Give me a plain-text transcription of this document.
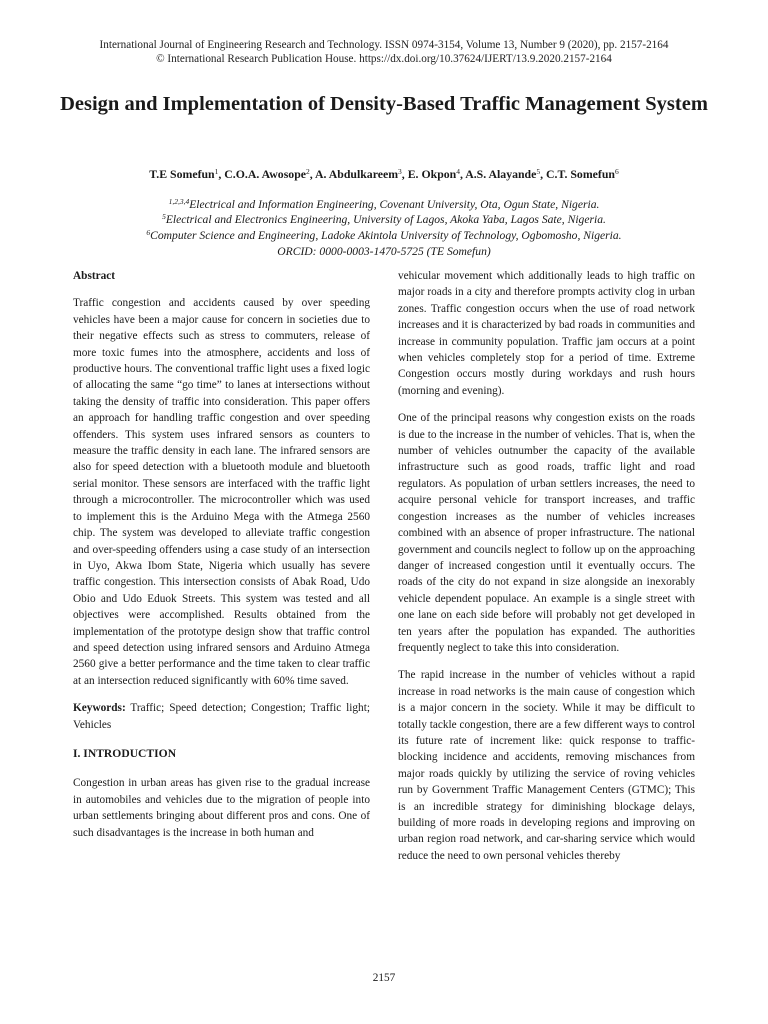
International Journal of Engineering Research and Technology. ISSN 0974-3154, Volume 13, Number 9 (2020), pp. 2157-2164
© International Research Publication House. https://dx.doi.org/10.37624/IJERT/13.9.2020.2157-2164
Design and Implementation of Density-Based Traffic Management System
T.E Somefun$^1$, C.O.A. Awosope$^2$, A. Abdulkareem$^3$, E. Okpon$^4$, A.S. Alayande$^5$, C.T. Somefun$^6$
$^{1,2,3,4}$Electrical and Information Engineering, Covenant University, Ota, Ogun State, Nigeria.
$^5$Electrical and Electronics Engineering, University of Lagos, Akoka Yaba, Lagos Sate, Nigeria.
$^6$Computer Science and Engineering, Ladoke Akintola University of Technology, Ogbomosho, Nigeria.
ORCID: 0000-0003-1470-5725 (TE Somefun)

Abstract

Traffic congestion and accidents caused by over speeding vehicles have been a major cause for concern in societies due to their negative effects such as stress to commuters, release of more toxic fumes into the atmosphere, accidents and loss of productive hours. The conventional traffic light uses a fixed logic of allocating the same “go time” to lanes at intersections without taking the density of traffic into consideration. This paper offers an approach for handling traffic congestion and over speeding offenders. This system uses infrared sensors as counters to measure the traffic density in each lane. The infrared sensors are also for speed detection with a bluetooth module and bluetooth serial monitor. These sensors are interfaced with the traffic light through a microcontroller. The microcontroller which was used to implement this is the Arduino Mega with the Atmega 2560 chip. The system was developed to alleviate traffic congestion and over-speeding offenders using a case study of an intersection in Uyo, Akwa Ibom State, Nigeria which usually has severe traffic congestion. This intersection consists of Abak Road, Udo Obio and Udo Eduok Streets. This system was tested and all objectives were accomplished. Results obtained from the implementation of the prototype design show that traffic control and speed detection using infrared sensors and Arduino Atmega 2560 give a better performance and the time taken to clear traffic at an intersection reduced significantly with 60% time saved.

Keywords: Traffic; Speed detection; Congestion; Traffic light; Vehicles

I. INTRODUCTION

Congestion in urban areas has given rise to the gradual increase in automobiles and vehicles due to the migration of people into urban settlements bringing about different pros and cons. One of such disadvantages is the increase in both human and

vehicular movement which additionally leads to high traffic on major roads in a city and therefore prompts activity clog in urban zones. Traffic congestion occurs when the use of road network increases and it is characterized by bad roads in communities and increase in community population. Traffic jam occurs at a point when vehicles completely stop for a period of time. Extreme Congestion occurs mostly during workdays and rush hours (morning and evening).

One of the principal reasons why congestion exists on the roads is due to the increase in the number of vehicles. That is, when the number of vehicles outnumber the capacity of the available infrastructure such as good roads, traffic light and road regulators. As population of urban settlers increases, the need to acquire personal vehicle for transport increases, and traffic congestion increases as the number of vehicles increases combined with an absence of proper infrastructure. The national government and councils neglect to follow up on the approaching danger of increased congestion until it eventually occurs. The roads of the city do not expand in size alongside an inexorably vehicle dependent populace. An example is a single street with one lane on each side before will probably not get developed in ten years after the population has expanded. The authorities frequently neglect to take this into consideration.

The rapid increase in the number of vehicles without a rapid increase in road networks is the main cause of congestion which is a major concern in the society. While it may be difficult to totally tackle congestion, there are a few different ways to control its future rate of increment like: quick response to traffic- blocking incidence and accidents, removing mischances from major roads quickly by utilizing the service of roving vehicles run by Government Traffic Management Centers (GTMC); This is an incredible strategy for diminishing blockage delays, building of more roads in developing regions and improving on urban region road network, and car-sharing service which would reduce the need to own personal vehicles thereby

2157
